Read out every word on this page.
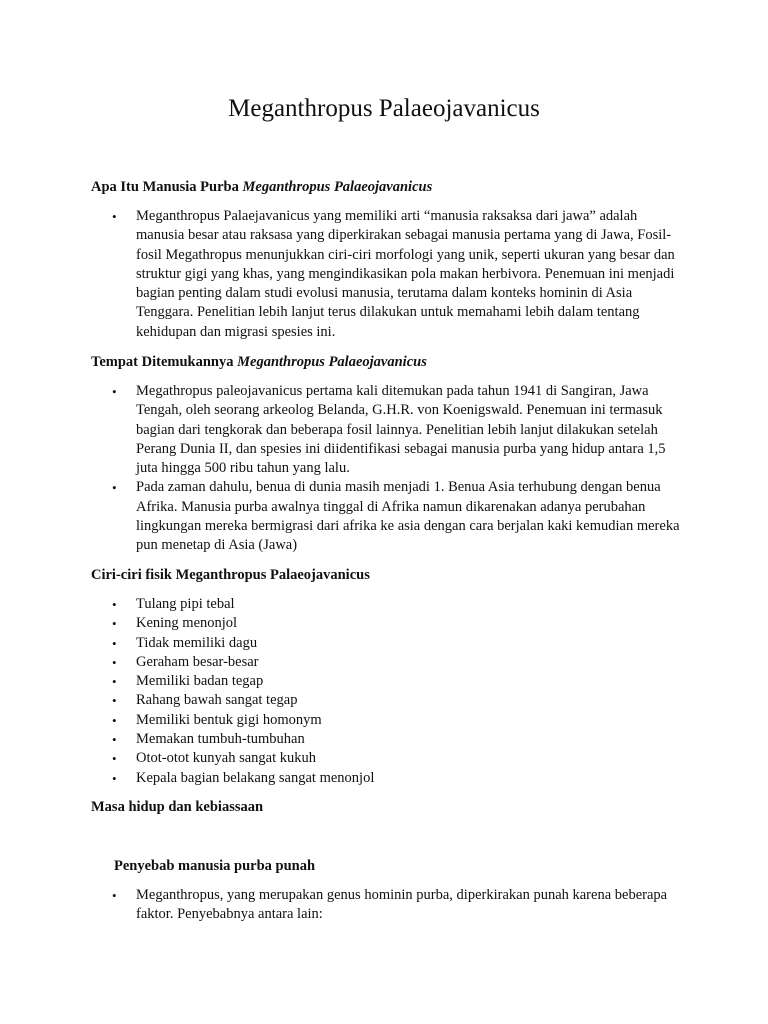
Meganthropus Palaeojavanicus
Apa Itu Manusia Purba Meganthropus Palaeojavanicus
• Meganthropus Palaejavanicus yang memiliki arti “manusia raksaksa dari jawa” adalah manusia besar atau raksasa yang diperkirakan sebagai manusia pertama yang di Jawa, Fosil-fosil Megathropus menunjukkan ciri-ciri morfologi yang unik, seperti ukuran yang besar dan struktur gigi yang khas, yang mengindikasikan pola makan herbivora. Penemuan ini menjadi bagian penting dalam studi evolusi manusia, terutama dalam konteks hominin di Asia Tenggara. Penelitian lebih lanjut terus dilakukan untuk memahami lebih dalam tentang kehidupan dan migrasi spesies ini.
Tempat Ditemukannya Meganthropus Palaeojavanicus
• Megathropus paleojavanicus pertama kali ditemukan pada tahun 1941 di Sangiran, Jawa Tengah, oleh seorang arkeolog Belanda, G.H.R. von Koenigswald. Penemuan ini termasuk bagian dari tengkorak dan beberapa fosil lainnya. Penelitian lebih lanjut dilakukan setelah Perang Dunia II, dan spesies ini diidentifikasi sebagai manusia purba yang hidup antara 1,5 juta hingga 500 ribu tahun yang lalu.
• Pada zaman dahulu, benua di dunia masih menjadi 1. Benua Asia terhubung dengan benua Afrika. Manusia purba awalnya tinggal di Afrika namun dikarenakan adanya perubahan lingkungan mereka bermigrasi dari afrika ke asia dengan cara berjalan kaki kemudian mereka pun menetap di Asia (Jawa)
Ciri-ciri fisik Meganthropus Palaeojavanicus
• Tulang pipi tebal
• Kening menonjol
• Tidak memiliki dagu
• Geraham besar-besar
• Memiliki badan tegap
• Rahang bawah sangat tegap
• Memiliki bentuk gigi homonym
• Memakan tumbuh-tumbuhan
• Otot-otot kunyah sangat kukuh
• Kepala bagian belakang sangat menonjol
Masa hidup dan kebiassaan
Penyebab manusia purba punah
• Meganthropus, yang merupakan genus hominin purba, diperkirakan punah karena beberapa faktor. Penyebabnya antara lain:
